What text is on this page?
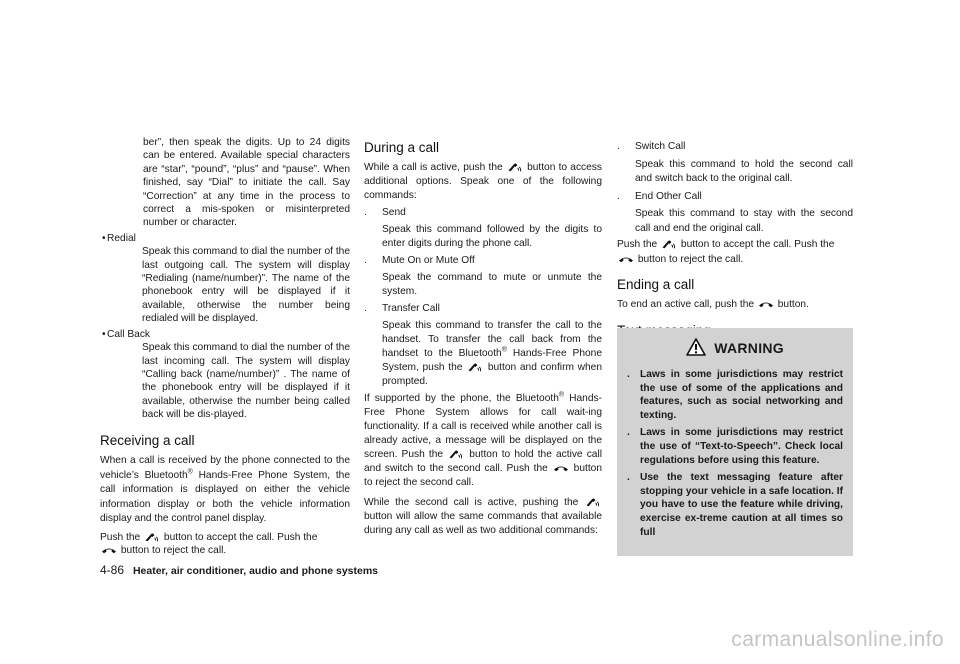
ber”, then speak the digits. Up to 24 digits can be entered. Available special characters are “star”, “pound”, “plus” and “pause”. When finished, say “Dial” to initiate the call. Say “Correction” at any time in the process to correct a mis-spoken or misinterpreted number or character.

• Redial

Speak this command to dial the number of the last outgoing call. The system will display “Redialing (name/number)”. The name of the phonebook entry will be displayed if it available, otherwise the number being redialed will be displayed.

• Call Back

Speak this command to dial the number of the last incoming call. The system will display “Calling back (name/number)” . The name of the phonebook entry will be displayed if it available, otherwise the number being called back will be dis-played.

Receiving a call

When a call is received by the phone connected to the vehicle’s Bluetooth® Hands-Free Phone System, the call information is displayed on either the vehicle information display or both the vehicle information display and the control panel display.

Push the button to accept the call. Push the
button to reject the call.

During a call

While a call is active, push the button to access additional options. Speak one of the following commands:

. Send

Speak this command followed by the digits to enter digits during the phone call.

. Mute On or Mute Off

Speak the command to mute or unmute the system.

. Transfer Call

Speak this command to transfer the call to the handset. To transfer the call back from the handset to the Bluetooth® Hands-Free Phone System, push the button and confirm when prompted.

If supported by the phone, the Bluetooth® Hands-Free Phone System allows for call wait-ing functionality. If a call is received while another call is already active, a message will be displayed on the screen. Push the	button to hold the active call and switch to the second call. Push the	button to reject the second call.

While the second call is active, pushing the  button will allow the same commands that available during any call as well as two additional commands:

. Switch Call

Speak this command to hold the second call and switch back to the original call.

. End Other Call

Speak this command to stay with the second call and end the original call.

Push the button to accept the call. Push the
button to reject the call.

Ending a call

To end an active call, push the button.

WARNING
. Laws in some jurisdictions may restrict the use of some of the applications and features, such as social networking and texting.
. Laws in some jurisdictions may restrict the use of “Text-to-Speech”. Check local regulations before using this feature.
. Use the text messaging feature after stopping your vehicle in a safe location. If you have to use the feature while driving, exercise ex-treme caution at all times so full
4-86 Heater, air conditioner, audio and phone systems
carmanualsonline.info
